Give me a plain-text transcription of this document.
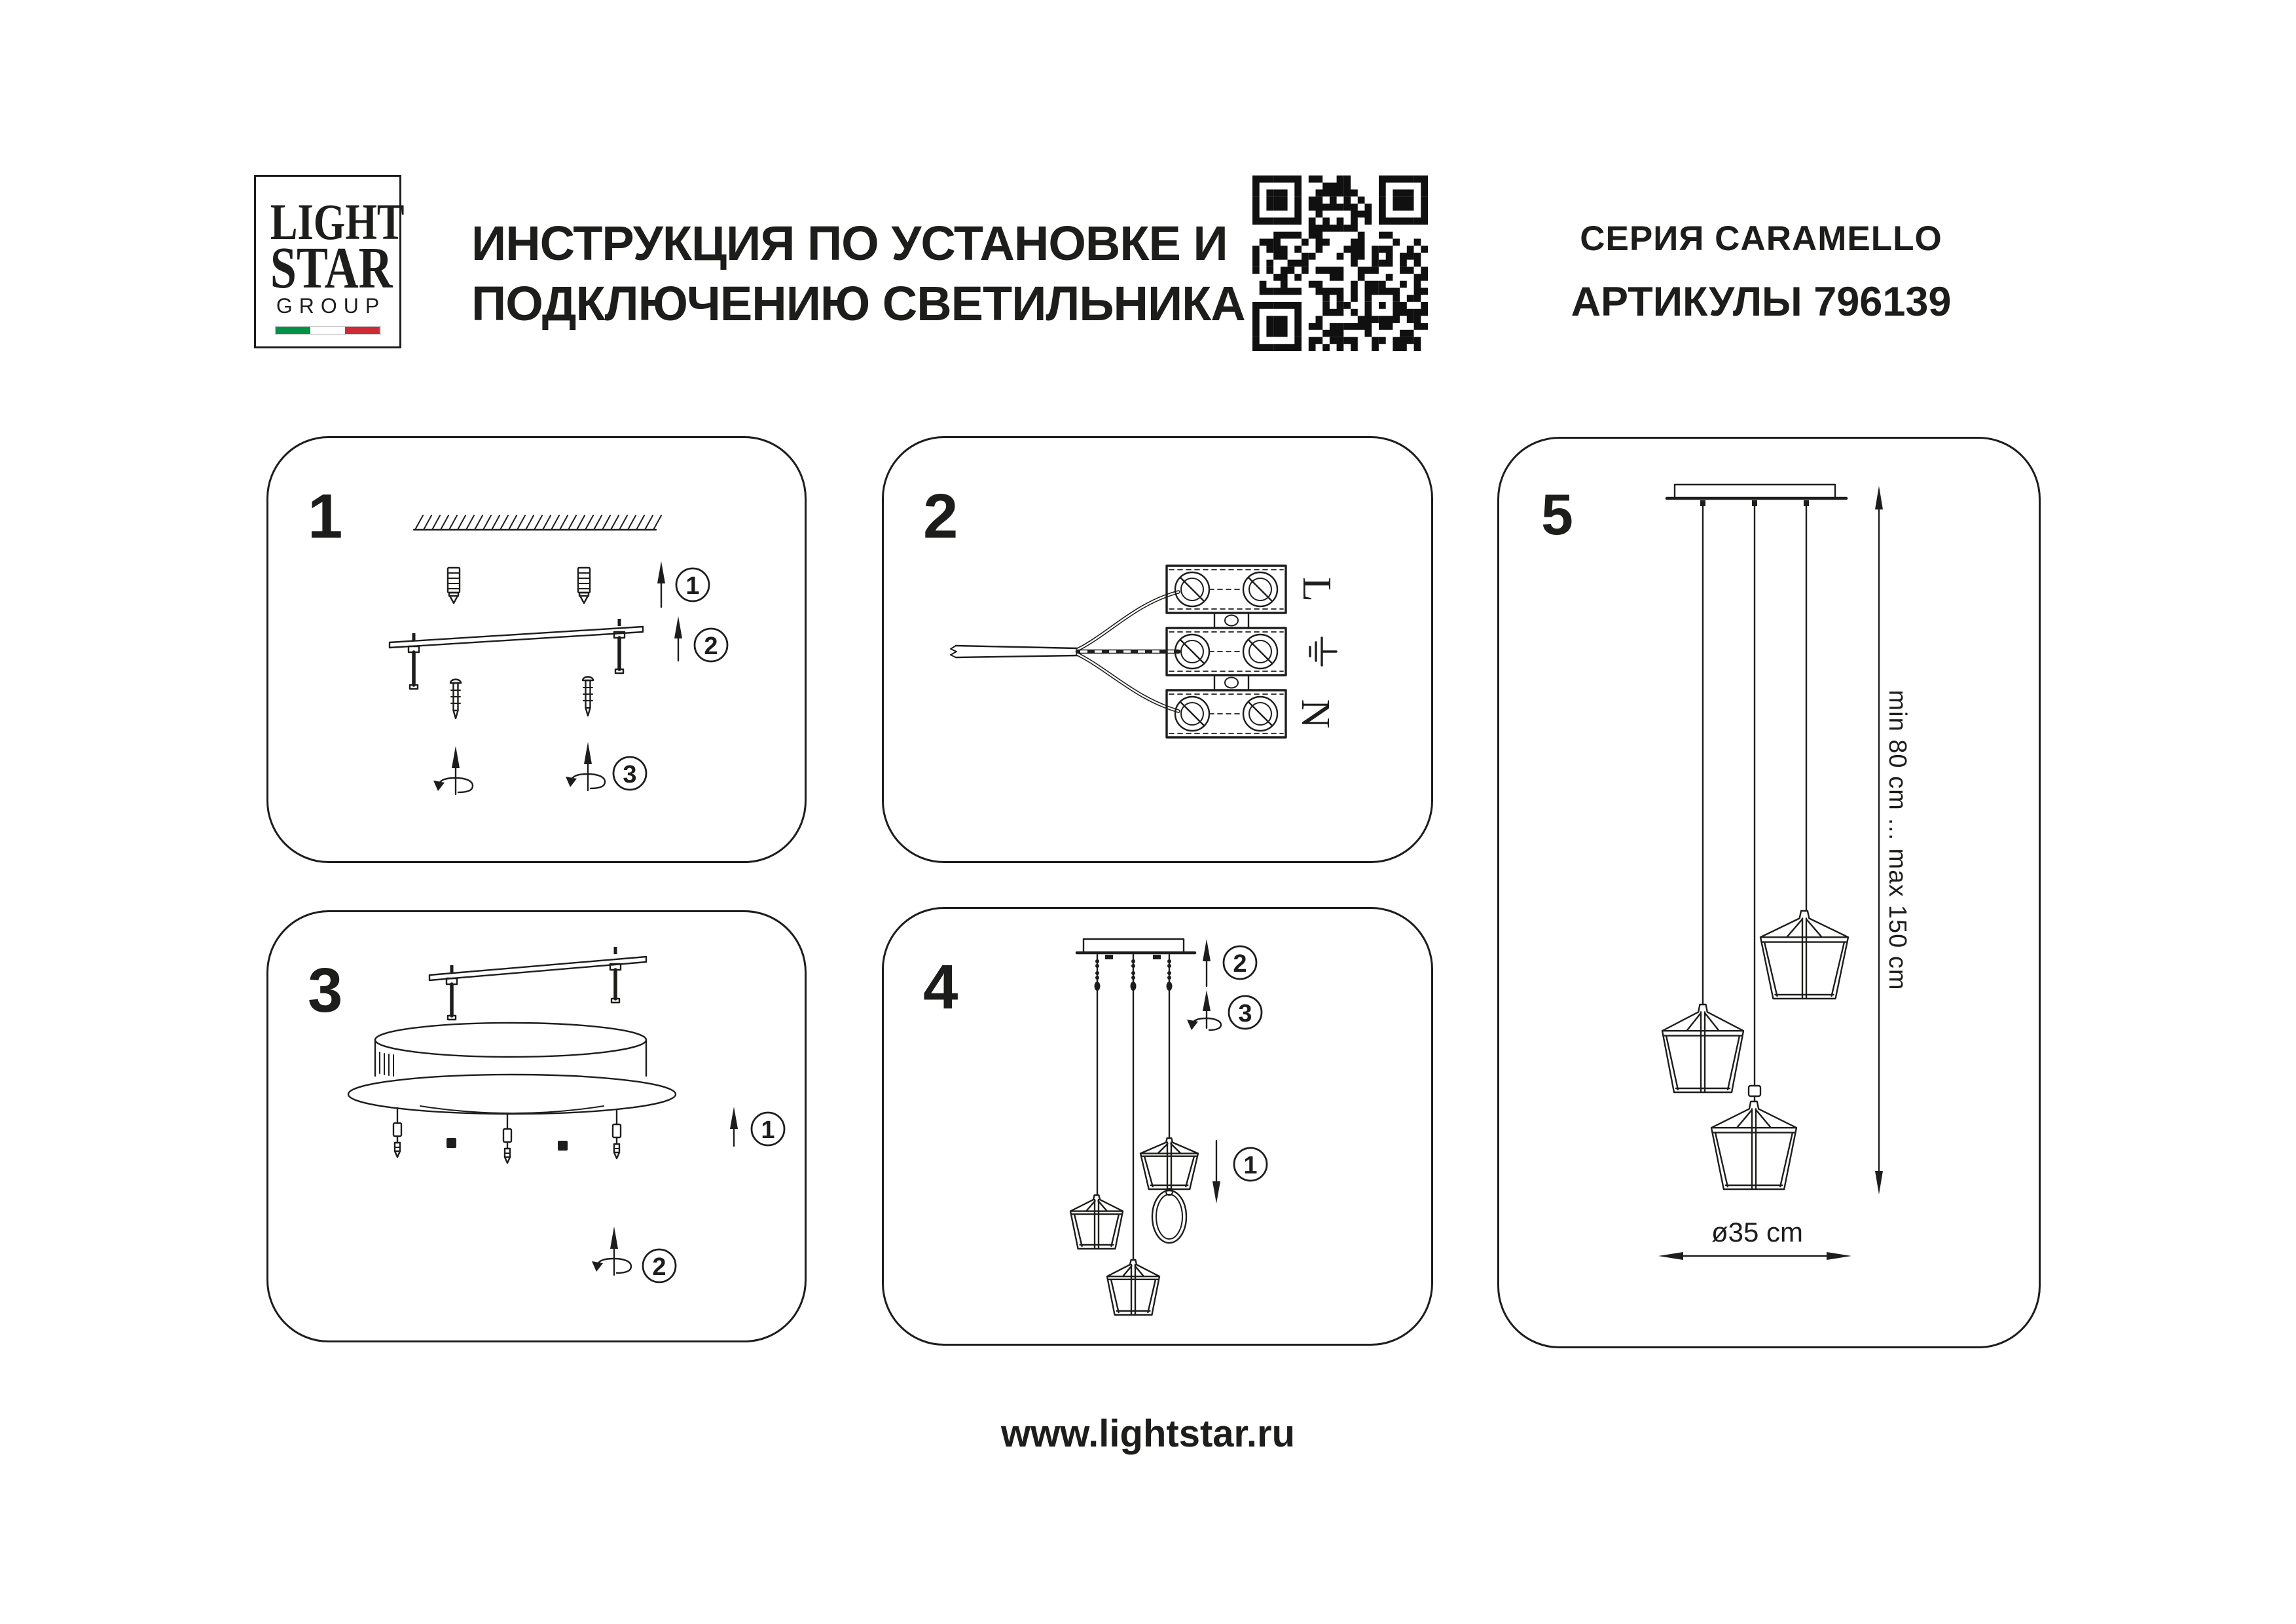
LIGHT
STAR
GROUP
ИНСТРУКЦИЯ ПО УСТАНОВКЕ И
ПОДКЛЮЧЕНИЮ СВЕТИЛЬНИКА
СЕРИЯ CARAMELLO
АРТИКУЛЫ 796139
1
1
2
3
2
L
N
3
1
2
4	2
3
1
5
min 80 cm ... max 150 cm
ø35 cm
www.lightstar.ru
